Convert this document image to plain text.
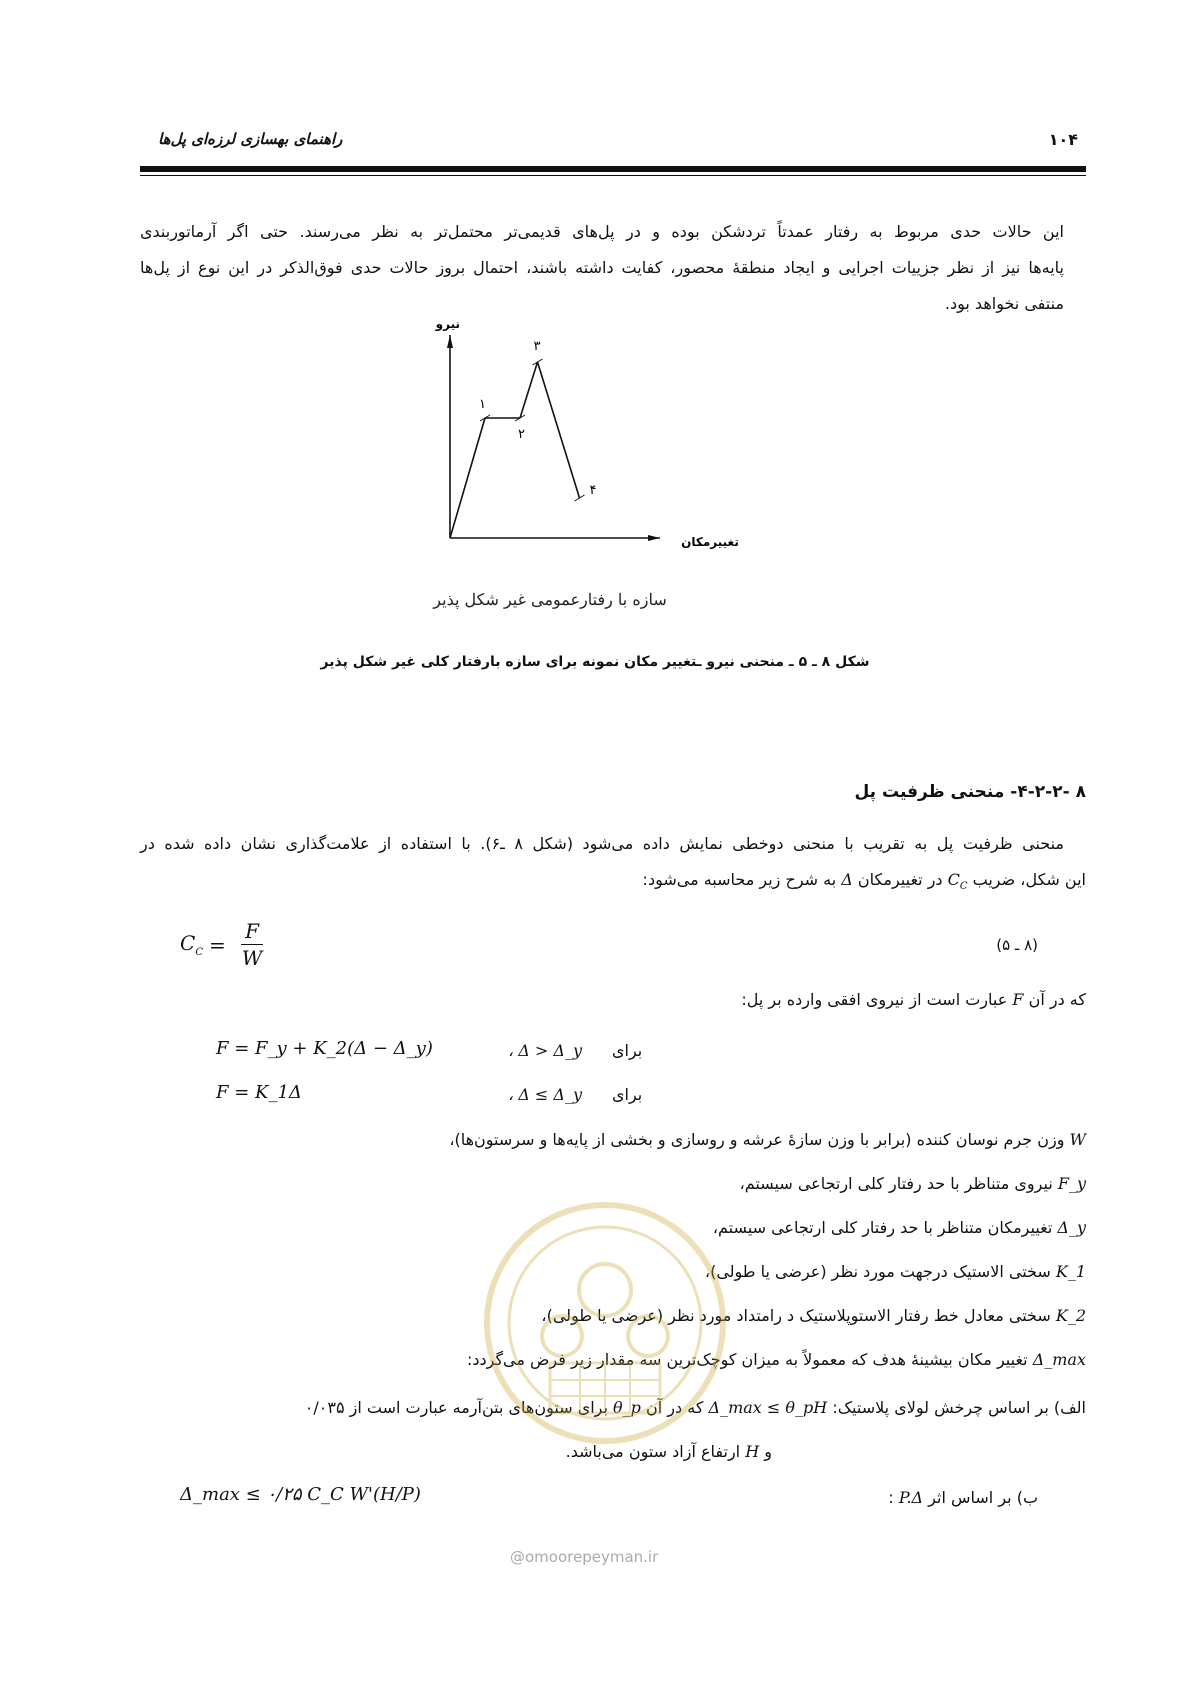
راهنمای بهسازی لرزه‌ای پل‌ها	۱۰۴
این حالات حدی مربوط به رفتار عمدتاً تردشکن بوده و در پل‌های قدیمی‌تر محتمل‌تر به نظر می‌رسند. حتی اگر آرماتوربندی
پایه‌ها نیز از نظر جزییات اجرایی و ایجاد منطقهٔ محصور، کفایت داشته باشند، احتمال بروز حالات حدی فوق‌الذکر در این نوع از پل‌ها
منتفی نخواهد بود.
نیرو
تغییرمکان
۱
۲
۳
۴
سازه با رفتارعمومی غیر شکل پذیر
شکل ۸ ـ ۵ ـ منحنی نیرو ـتغییر مکان نمونه برای سازه بارفتار کلی غیر شکل پذیر
۸ -۴-۲-۲- منحنی ظرفیت پل
منحنی ظرفیت پل به تقریب با منحنی دوخطی نمایش داده می‌شود (شکل ۸ ـ۶). با استفاده از علامت‌گذاری نشان داده شده در
این شکل، ضریب $C_C$ در تغییرمکان Δ به شرح زیر محاسبه می‌شود:
$C_C = \frac{F}{W}$	(۸ ـ ۵)
که در آن F عبارت است از نیروی افقی وارده بر پل:
F = F_y + K_2(Δ − Δ_y)	، Δ > Δ_y برای
F = K_1Δ	، Δ ≤ Δ_y برای
W وزن جرم نوسان کننده (برابر با وزن سازهٔ عرشه و روسازی و بخشی از پایه‌ها و سرستون‌ها)،
F_y نیروی متناظر با حد رفتار کلی ارتجاعی سیستم،
Δ_y تغییرمکان متناظر با حد رفتار کلی ارتجاعی سیستم،
K_1 سختی الاستیک درجهت مورد نظر (عرضی یا طولی)،
K_2 سختی معادل خط رفتار الاستوپلاستیک د رامتداد مورد نظر (عرضی یا طولی)،
Δ_max تغییر مکان بیشینهٔ هدف که معمولاً به میزان کوچک‌ترین سه مقدار زیر فرض می‌گردد:
الف) بر اساس چرخش لولای پلاستیک: Δ_max ≤ θ_pH که در آن θ_p برای ستون‌های بتن‌آرمه عبارت است از ۰/۰۳۵
و H ارتفاع آزاد ستون می‌باشد.
ب) بر اساس اثر P.Δ :
Δ_max ≤ ۰/۲۵ C_C W'(H/P)
@omoorepeyman.ir
